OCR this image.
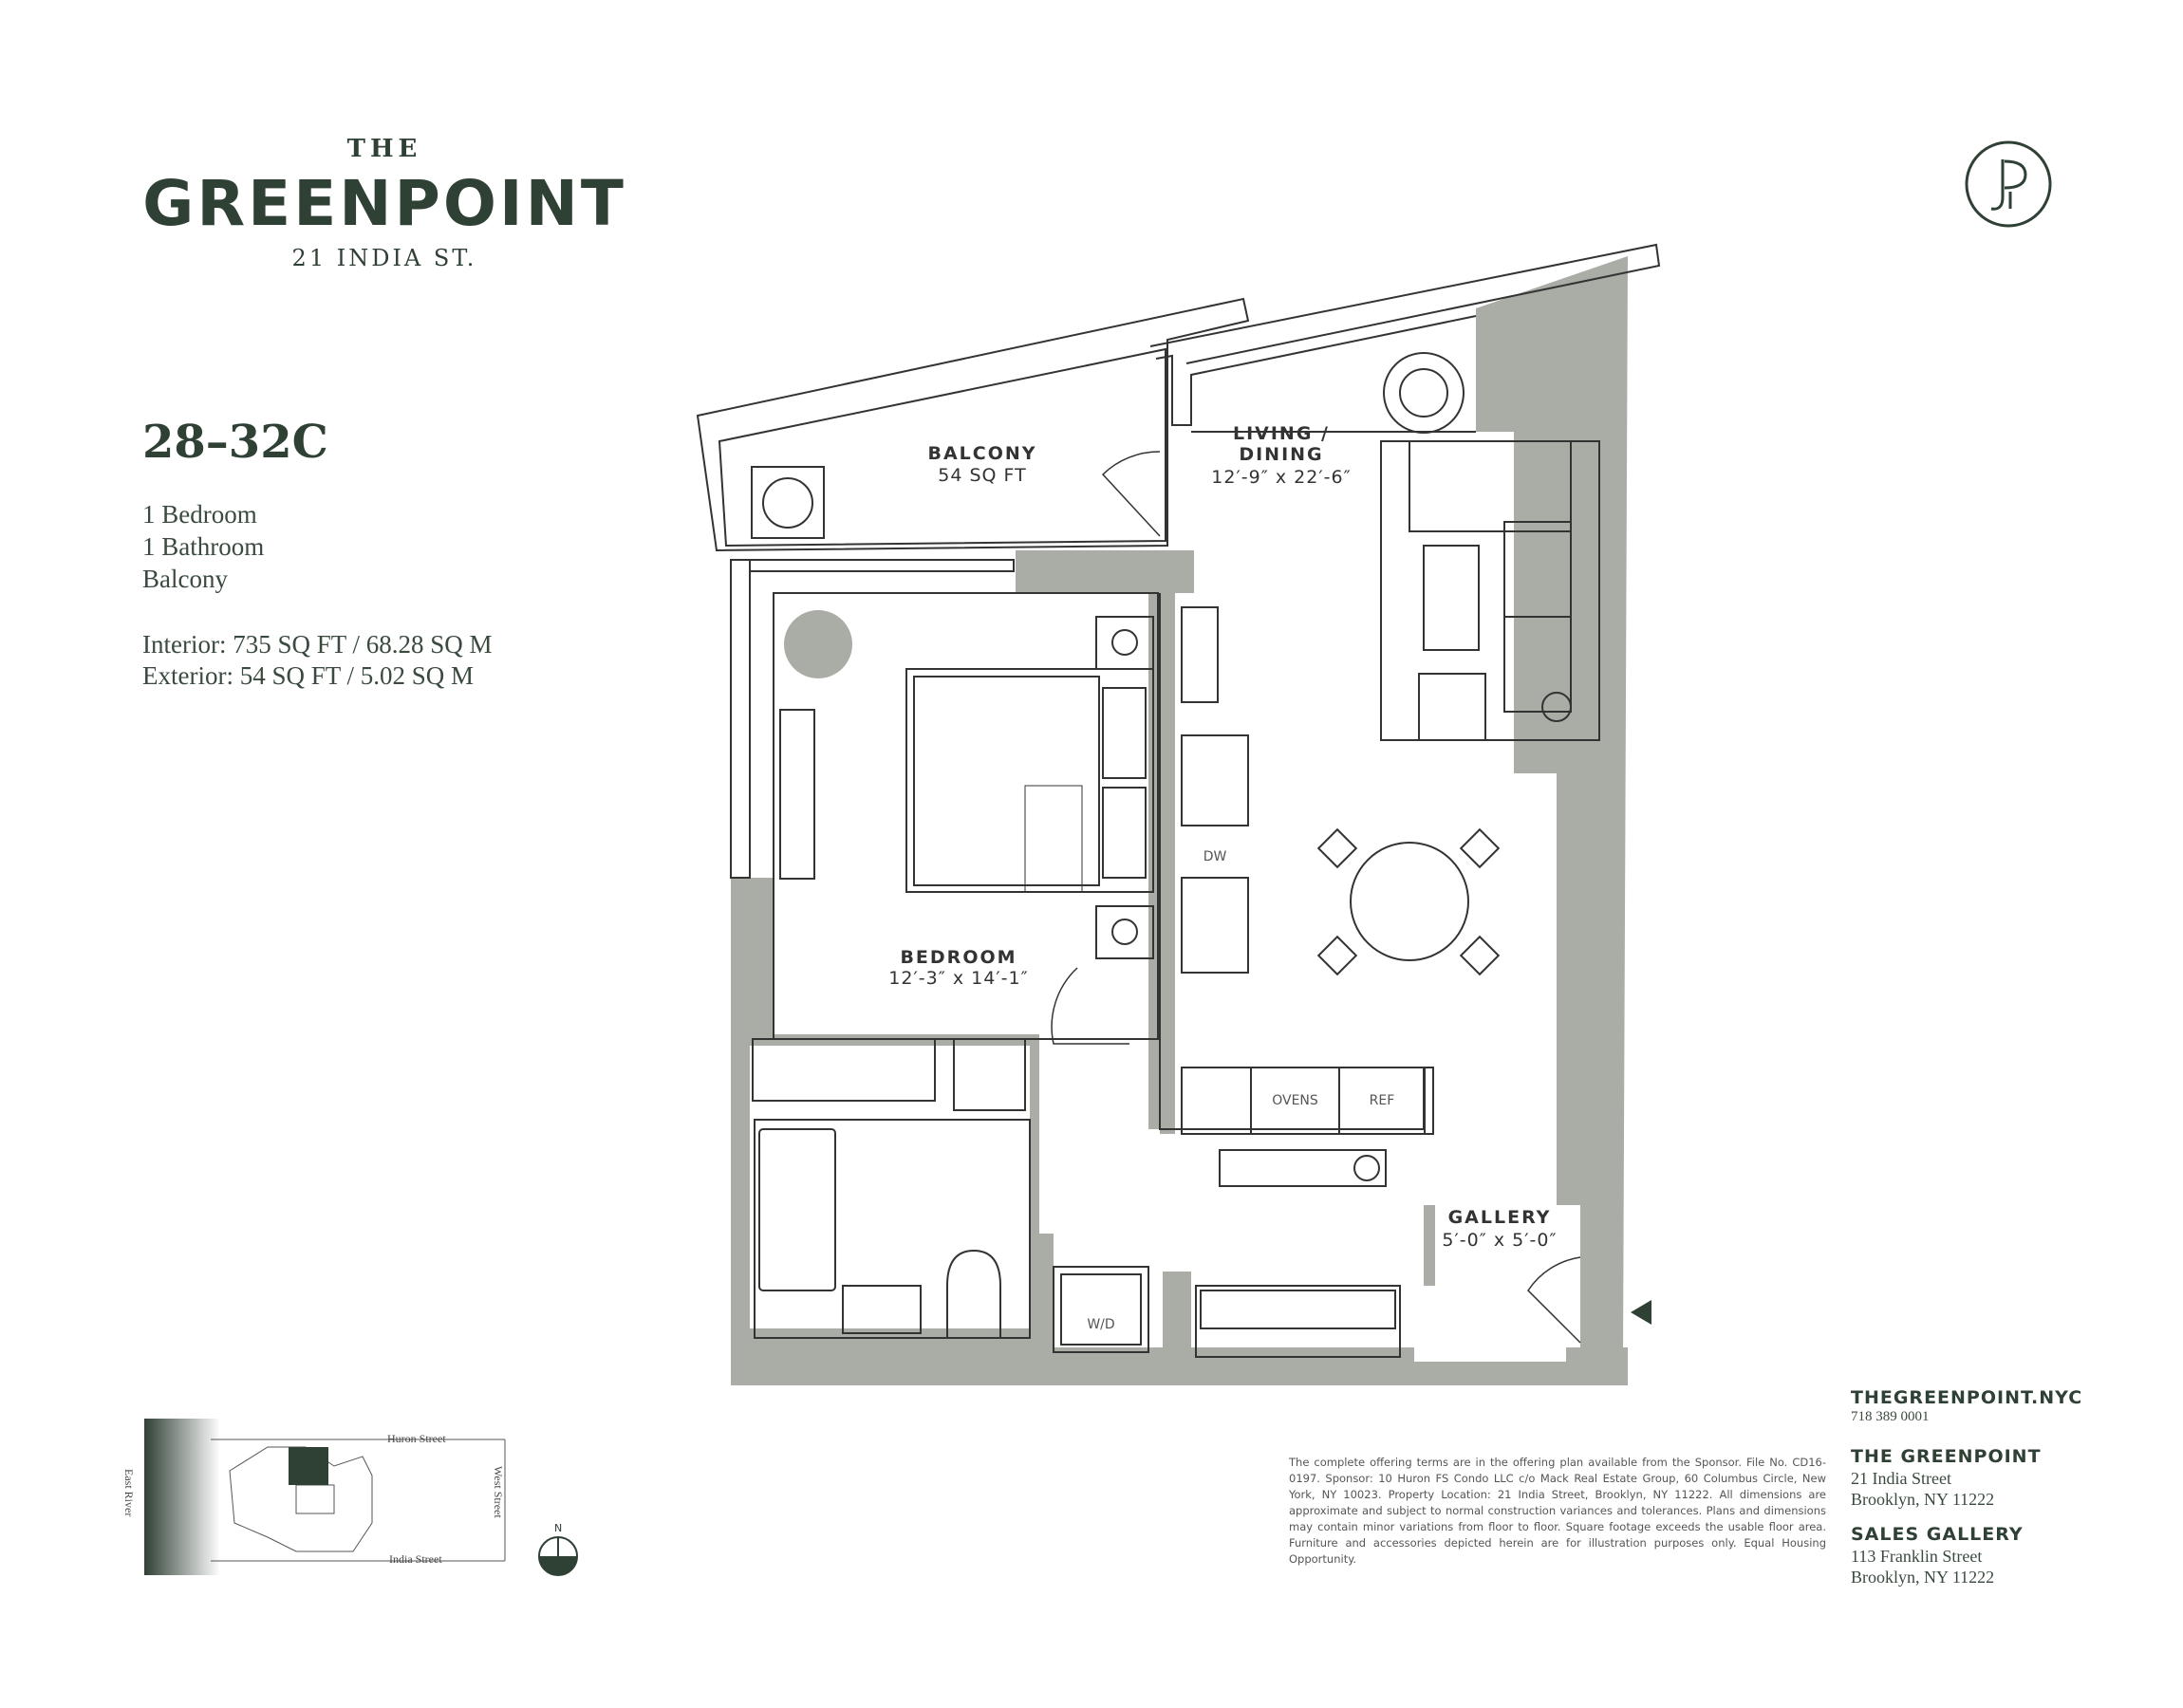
THE
GREENPOINT
21 INDIA ST.
28–32C
1 Bedroom
1 Bathroom
Balcony
Interior: 735 SQ FT / 68.28 SQ M
Exterior: 54 SQ FT / 5.02 SQ M
BALCONY
54 SQ FT
LIVING /
DINING
12′-9″ x 22′-6″
BEDROOM
12′-3″ x 14′-1″
GALLERY
5′-0″ x 5′-0″
DW
OVENS	REF
W/D
East River
Huron Street
India Street
West Street
N
The complete offering terms are in the offering plan available from the Sponsor. File No. CD16-0197. Sponsor: 10 Huron FS Condo LLC c/o Mack Real Estate Group, 60 Columbus Circle, New York, NY 10023. Property Location: 21 India Street, Brooklyn, NY 11222. All dimensions are approximate and subject to normal construction variances and tolerances. Plans and dimensions may contain minor variations from floor to floor. Square footage exceeds the usable floor area. Furniture and accessories depicted herein are for illustration purposes only. Equal Housing Opportunity.
THEGREENPOINT.NYC
718 389 0001
THE GREENPOINT
21 India Street
Brooklyn, NY 11222
SALES GALLERY
113 Franklin Street
Brooklyn, NY 11222
